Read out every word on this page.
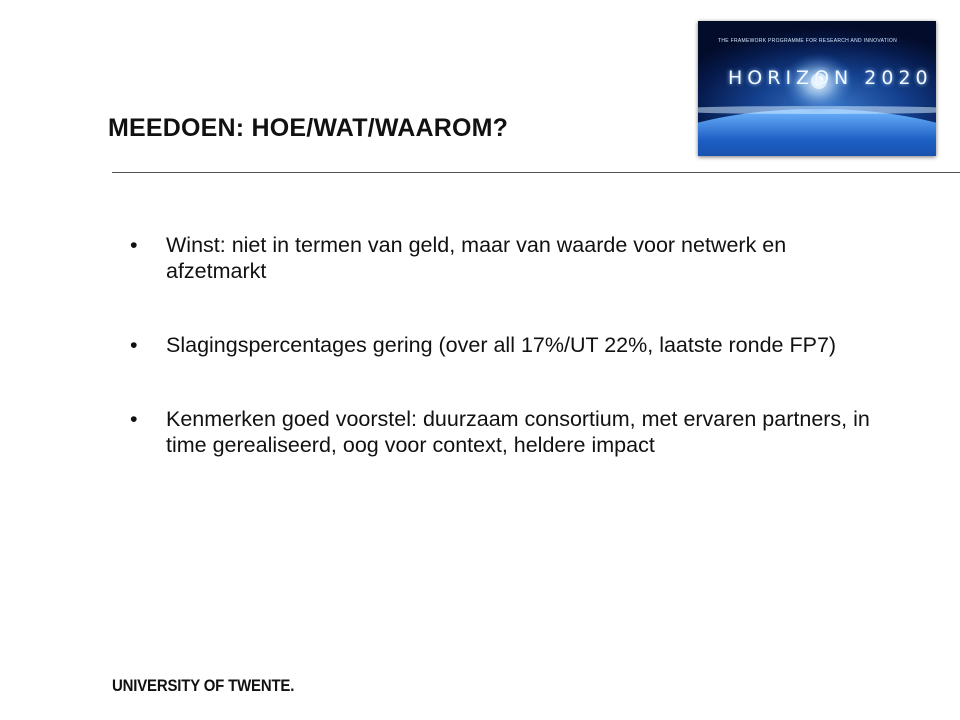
MEEDOEN: HOE/WAT/WAAROM?
THE FRAMEWORK PROGRAMME FOR RESEARCH AND INNOVATION
HORIZON 2020
• Winst: niet in termen van geld, maar van waarde voor netwerk en afzetmarkt
• Slagingspercentages gering (over all 17%/UT 22%, laatste ronde FP7)
• Kenmerken goed voorstel: duurzaam consortium, met ervaren partners, in time gerealiseerd, oog voor context, heldere impact
UNIVERSITY OF TWENTE.
